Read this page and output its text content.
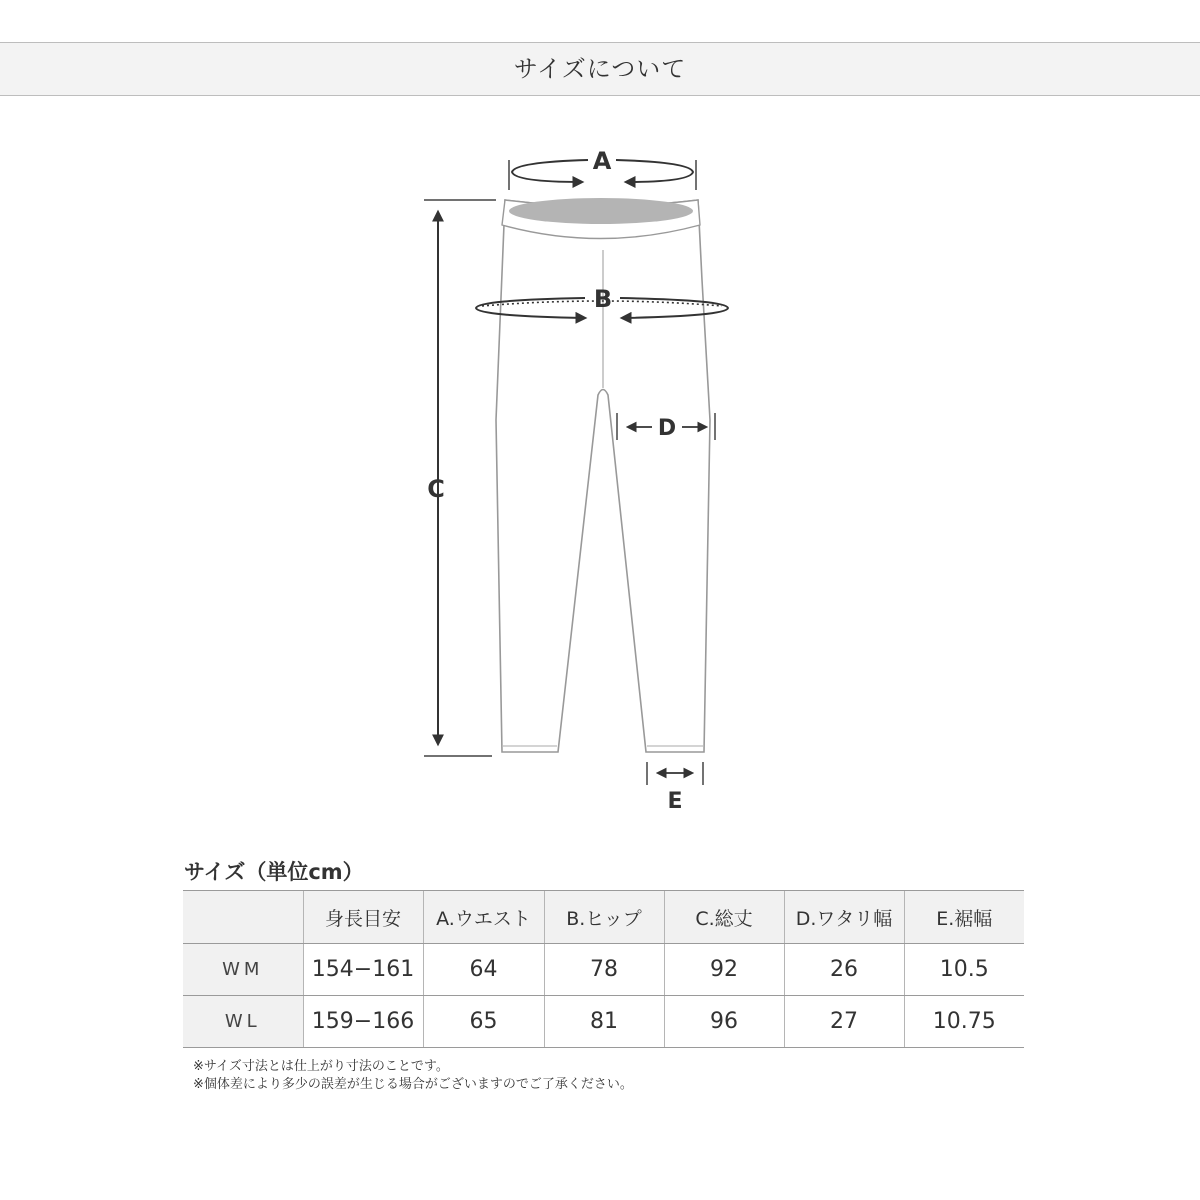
サイズについて
A
B
C
D
E
サイズ（単位cm）
	身長目安	A.ウエスト	B.ヒップ	C.総丈	D.ワタリ幅	E.裾幅
WM	154−161	64	78	92	26	10.5
WL	159−166	65	81	96	27	10.75
※サイズ寸法とは仕上がり寸法のことです。
※個体差により多少の誤差が生じる場合がございますのでご了承ください。
